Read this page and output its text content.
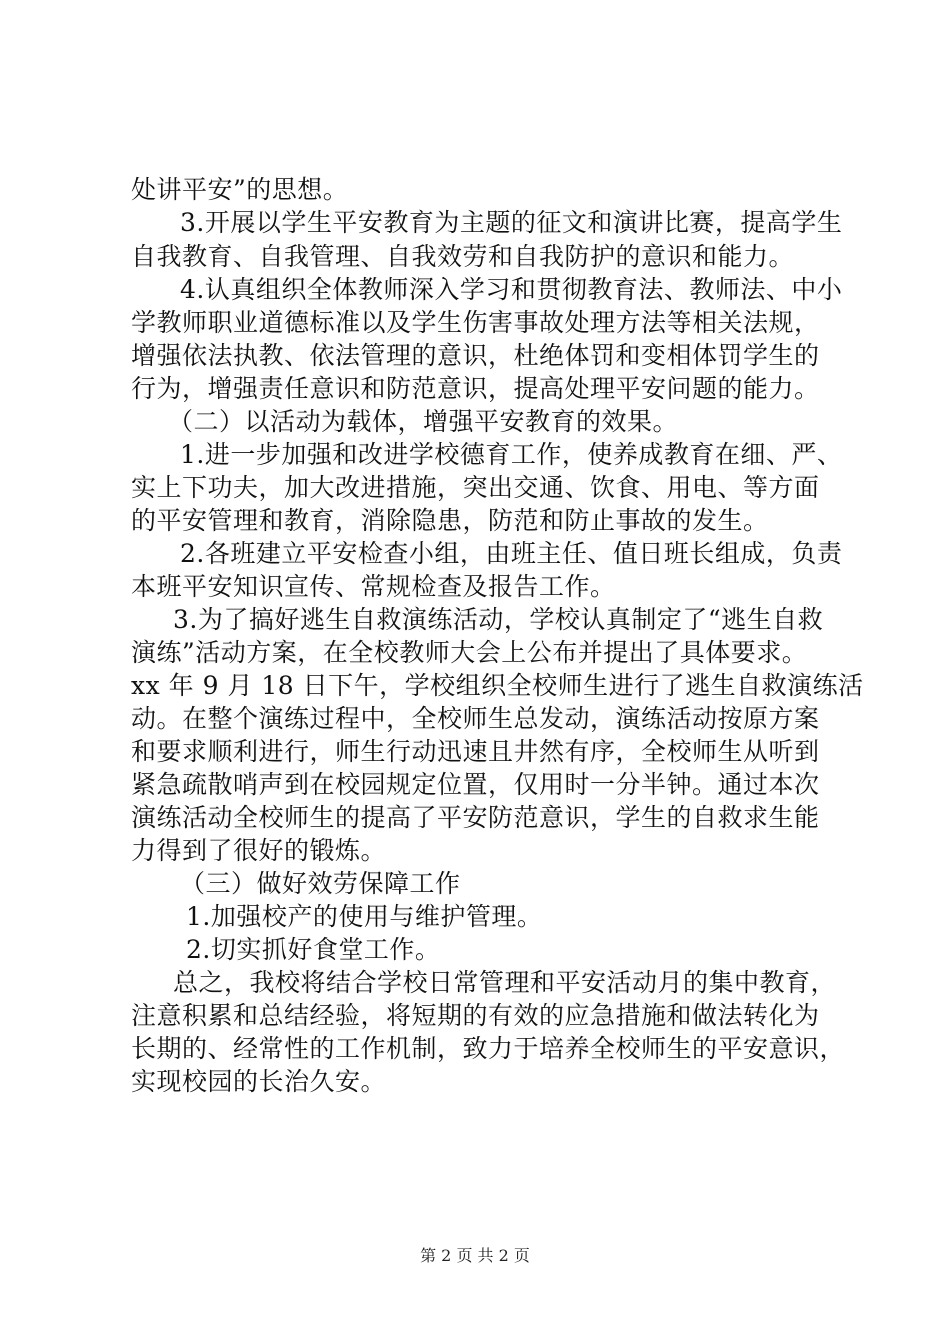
处讲平安”的思想。
3.开展以学生平安教育为主题的征文和演讲比赛，提高学生
自我教育、自我管理、自我效劳和自我防护的意识和能力。
4.认真组织全体教师深入学习和贯彻教育法、教师法、中小
学教师职业道德标准以及学生伤害事故处理方法等相关法规，
增强依法执教、依法管理的意识，杜绝体罚和变相体罚学生的
行为，增强责任意识和防范意识，提高处理平安问题的能力。
（二）以活动为载体，增强平安教育的效果。
1.进一步加强和改进学校德育工作，使养成教育在细、严、
实上下功夫，加大改进措施，突出交通、饮食、用电、等方面
的平安管理和教育，消除隐患，防范和防止事故的发生。
2.各班建立平安检查小组，由班主任、值日班长组成，负责
本班平安知识宣传、常规检查及报告工作。
3.为了搞好逃生自救演练活动，学校认真制定了“逃生自救
演练”活动方案，在全校教师大会上公布并提出了具体要求。
xx 年 9 月 18 日下午，学校组织全校师生进行了逃生自救演练活
动。在整个演练过程中，全校师生总发动，演练活动按原方案
和要求顺利进行，师生行动迅速且井然有序，全校师生从听到
紧急疏散哨声到在校园规定位置，仅用时一分半钟。通过本次
演练活动全校师生的提高了平安防范意识，学生的自救求生能
力得到了很好的锻炼。
（三）做好效劳保障工作
1.加强校产的使用与维护管理。
2.切实抓好食堂工作。
总之，我校将结合学校日常管理和平安活动月的集中教育，
注意积累和总结经验，将短期的有效的应急措施和做法转化为
长期的、经常性的工作机制，致力于培养全校师生的平安意识，
实现校园的长治久安。
第 2 页 共 2 页
